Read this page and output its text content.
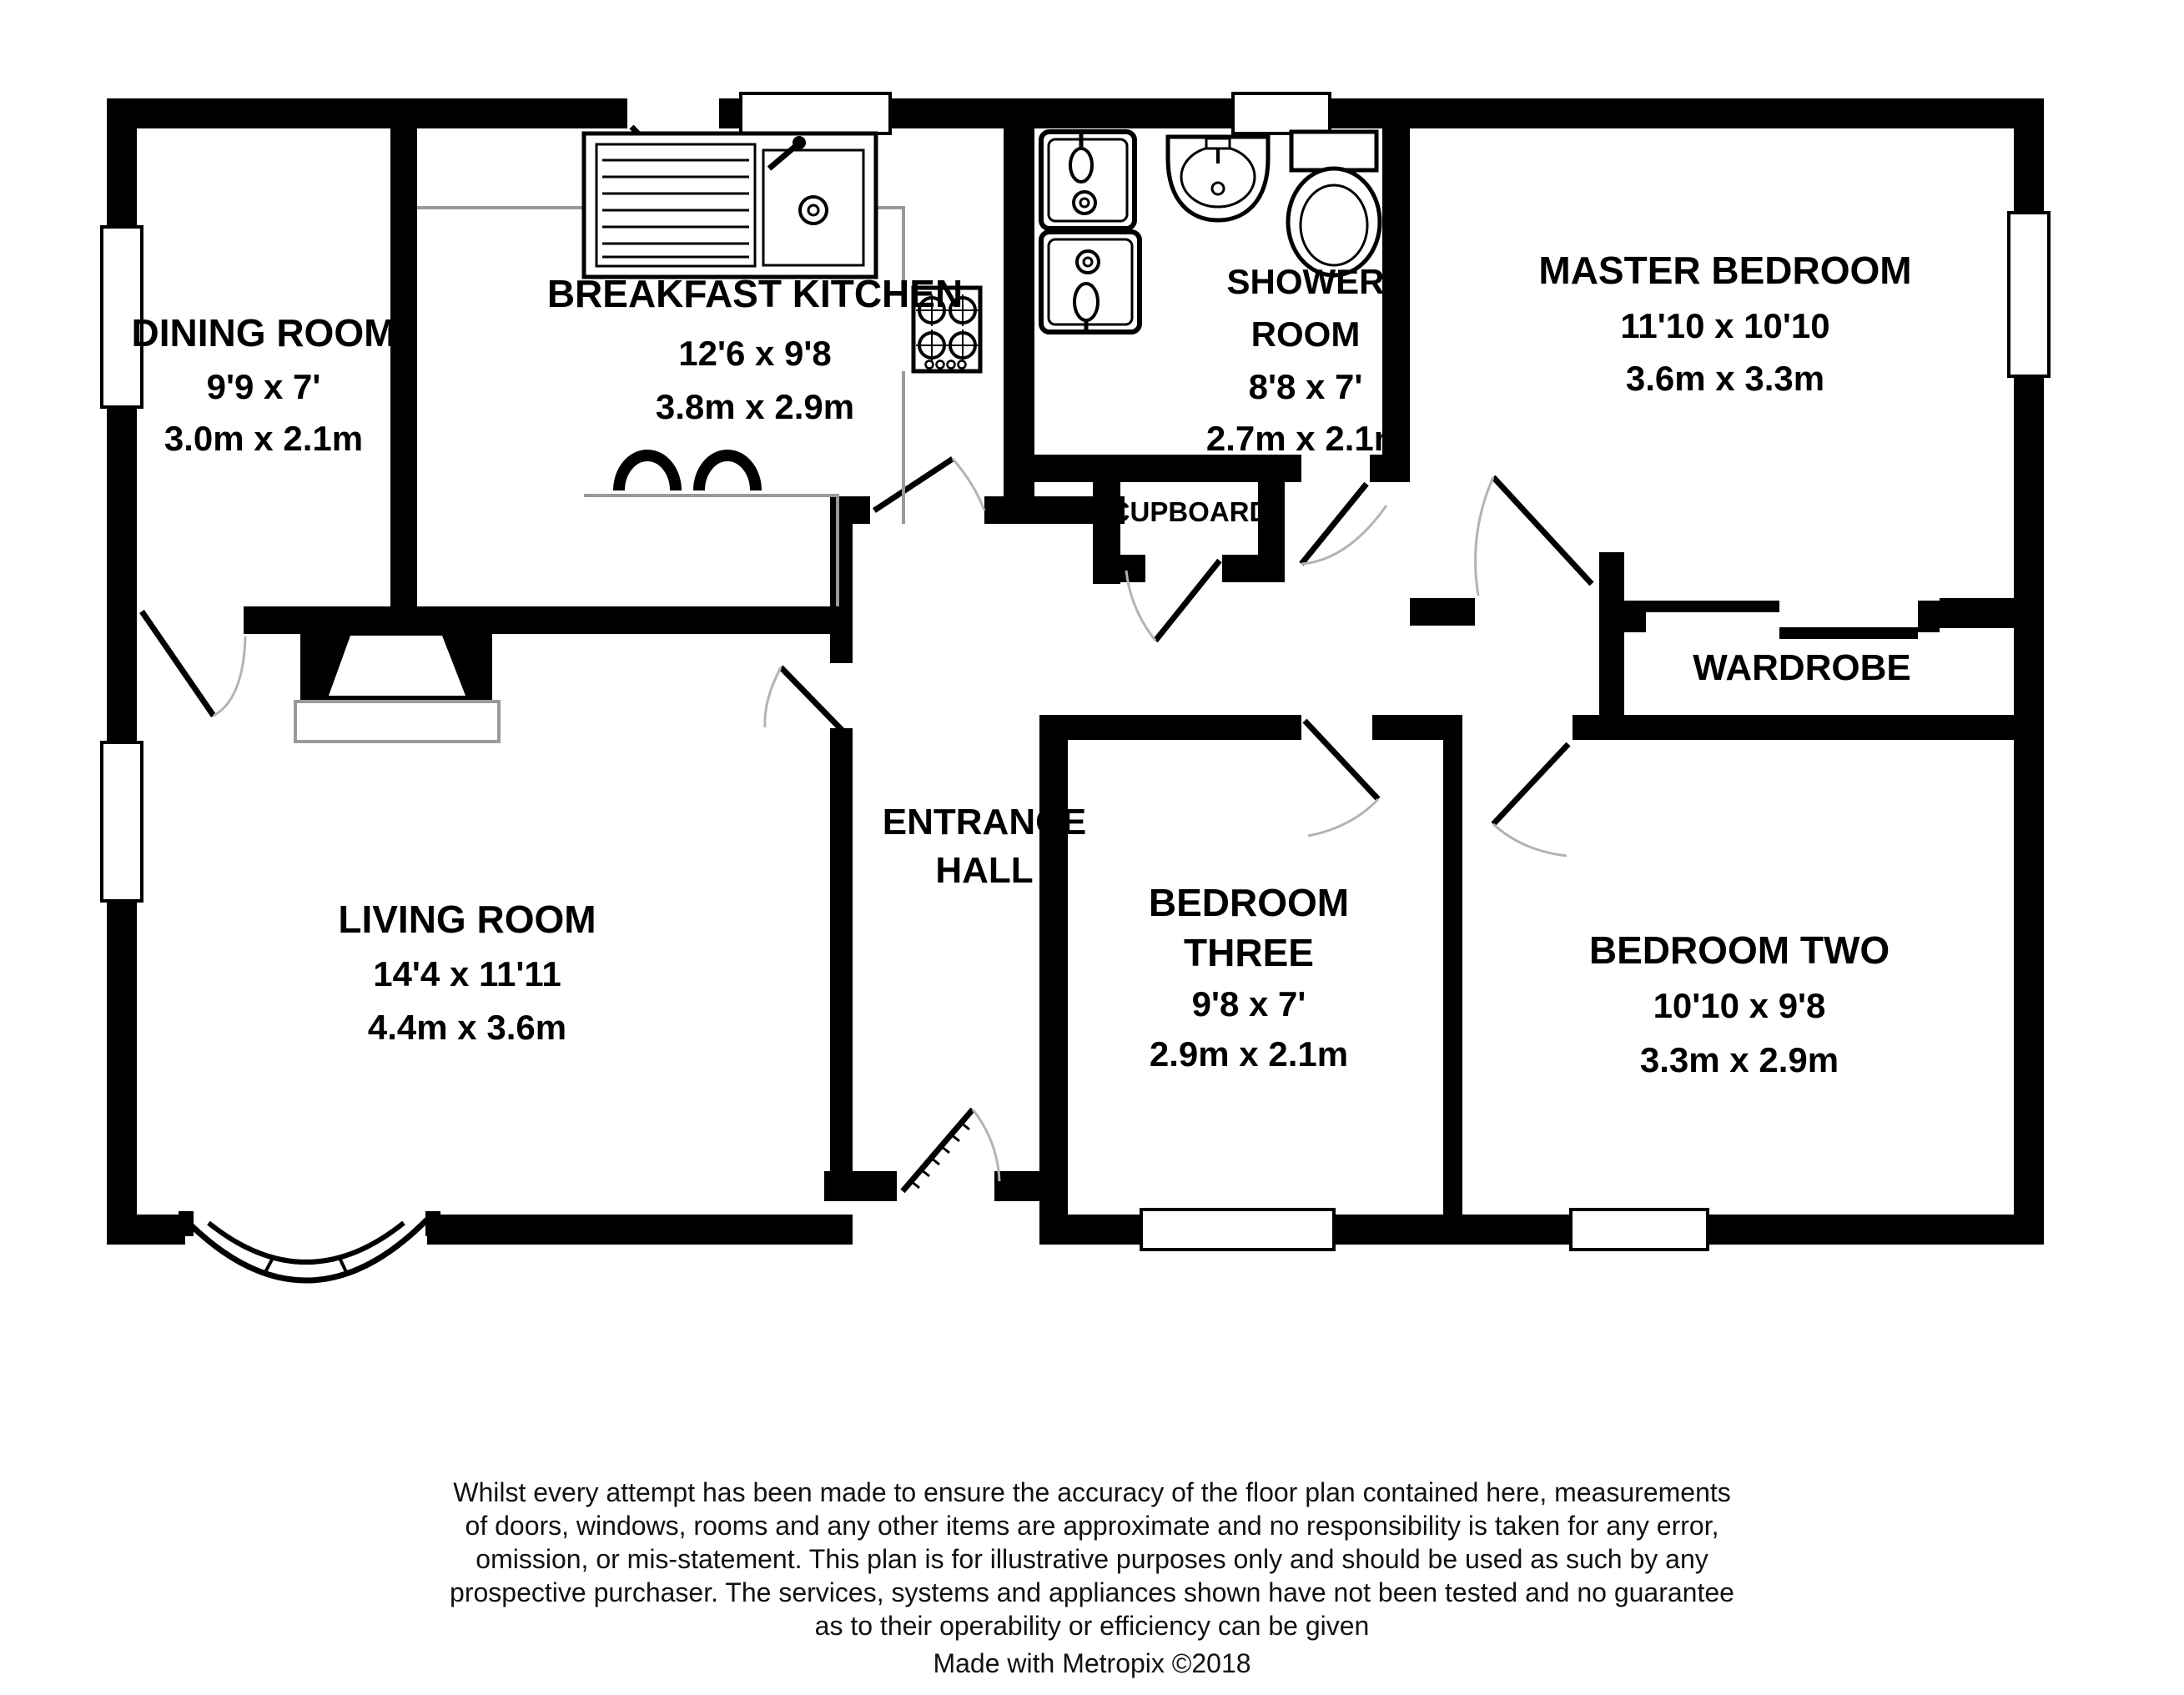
DINING ROOM
9'9 x 7'
3.0m x 2.1m
BREAKFAST KITCHEN
12'6 x 9'8
3.8m x 2.9m
SHOWER
ROOM
8'8 x 7'
2.7m x 2.1m
MASTER BEDROOM
11'10 x 10'10
3.6m x 3.3m
CUPBOARD
WARDROBE
ENTRANCE
HALL
LIVING ROOM
14'4 x 11'11
4.4m x 3.6m
BEDROOM
THREE
9'8 x 7'
2.9m x 2.1m
BEDROOM TWO
10'10 x 9'8
3.3m x 2.9m
Whilst every attempt has been made to ensure the accuracy of the floor plan contained here, measurements
of doors, windows, rooms and any other items are approximate and no responsibility is taken for any error,
omission, or mis-statement. This plan is for illustrative purposes only and should be used as such by any
prospective purchaser. The services, systems and appliances shown have not been tested and no guarantee
as to their operability or efficiency can be given
Made with Metropix ©2018
